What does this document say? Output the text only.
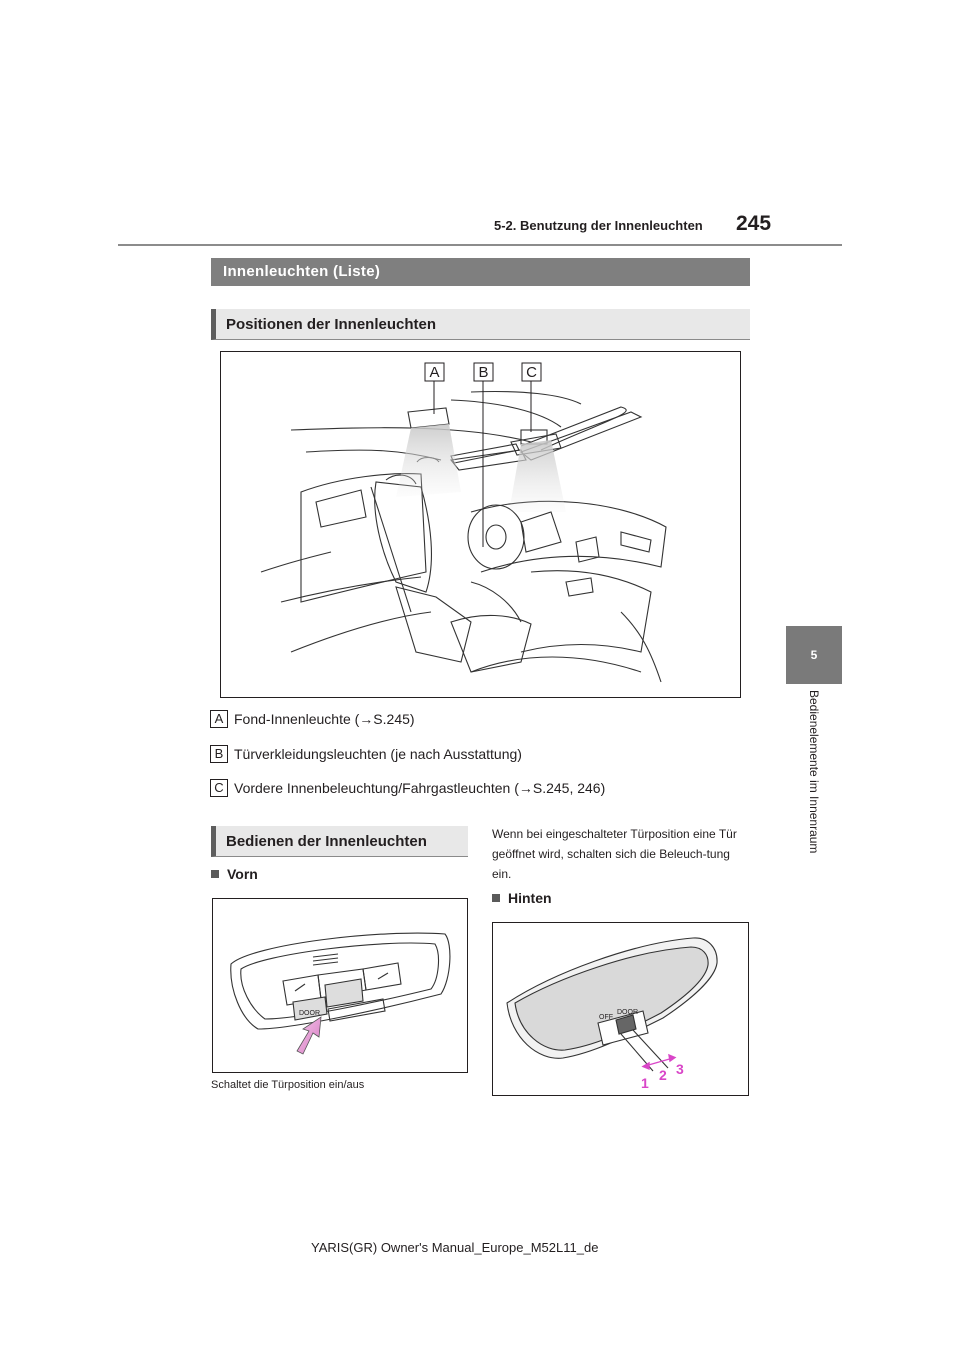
5-2. Benutzung der Innenleuchten 245
5
Bedienelemente im Innenraum
Innenleuchten (Liste)
Positionen der Innenleuchten
A	B	C
A Fond-Innenleuchte (→S.245)
B Türverkleidungsleuchten (je nach Ausstattung)
C Vordere Innenbeleuchtung/Fahrgastleuchten (→S.245, 246)
Bedienen der Innenleuchten
Vorn
DOOR
Schaltet die Türposition ein/aus
Wenn bei eingeschalteter Türposition eine Tür geöffnet wird, schalten sich die Beleuch-tung ein.
Hinten
OFF
DOOR
1 2 3
YARIS(GR) Owner's Manual_Europe_M52L11_de
